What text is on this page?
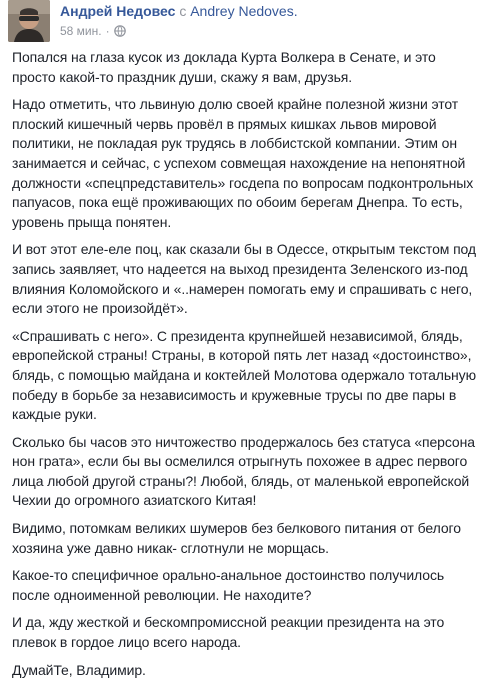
Андрей Недовес с Andrey Nedoves.
58 мин. ·

Попался на глаза кусок из доклада Курта Волкера в Сенате, и это просто какой-то праздник души, скажу я вам, друзья.

Надо отметить, что львиную долю своей крайне полезной жизни этот плоский кишечный червь провёл в прямых кишках львов мировой политики, не покладая рук трудясь в лоббистской компании. Этим он занимается и сейчас, с успехом совмещая нахождение на непонятной должности «спецпредставитель» госдепа по вопросам подконтрольных папуасов, пока ещё проживающих по обоим берегам Днепра. То есть, уровень прыща понятен.

И вот этот еле-еле поц, как сказали бы в Одессе, открытым текстом под запись заявляет, что надеется на выход президента Зеленского из-под влияния Коломойского и «..намерен помогать ему и спрашивать с него, если этого не произойдёт».

«Спрашивать с него». С президента крупнейшей независимой, блядь, европейской страны! Страны, в которой пять лет назад «достоинство», блядь, с помощью майдана и коктейлей Молотова одержало тотальную победу в борьбе за независимость и кружевные трусы по две пары в каждые руки.

Сколько бы часов это ничтожество продержалось без статуса «персона нон грата», если бы вы осмелился отрыгнуть похожее в адрес первого лица любой другой страны?! Любой, блядь, от маленькой европейской Чехии до огромного азиатского Китая!

Видимо, потомкам великих шумеров без белкового питания от белого хозяина уже давно никак- сглотнули не морщась.

Какое-то специфичное орально-анальное достоинство получилось после одноименной революции. Не находите?

И да, жду жесткой и бескомпромиссной реакции президента на это плевок в гордое лицо всего народа.

ДумайТе, Владимир.
